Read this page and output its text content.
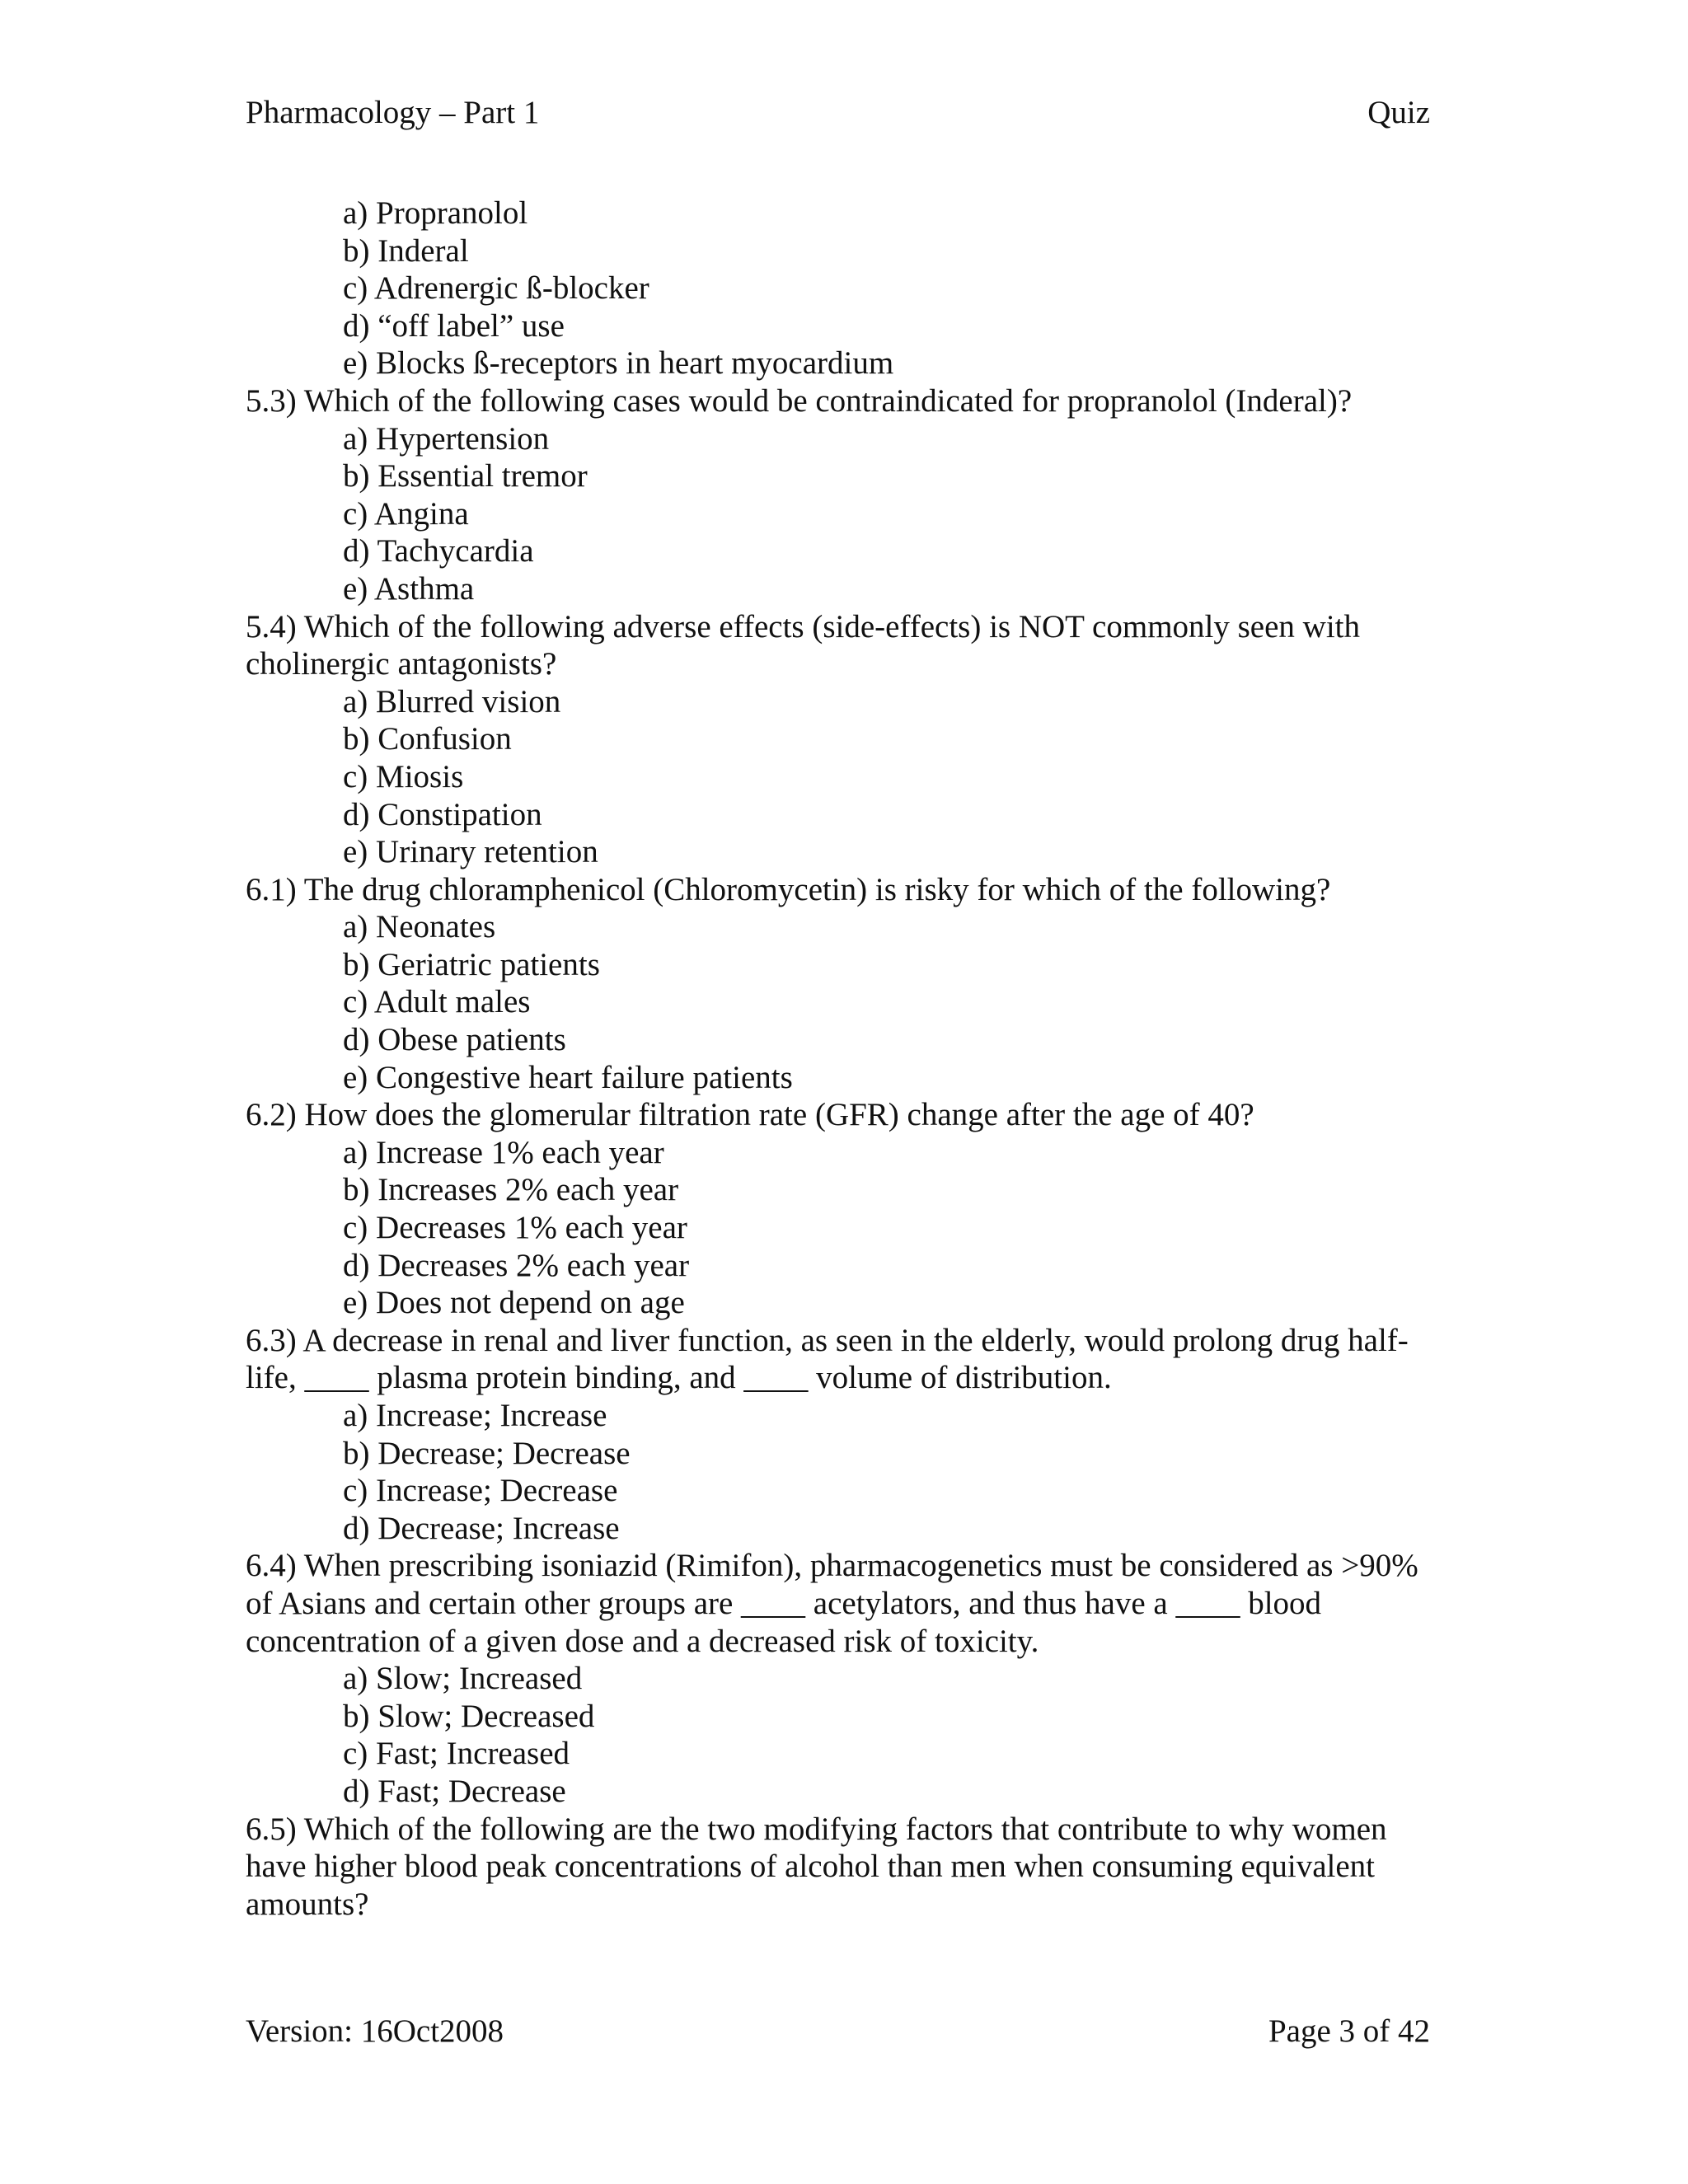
Pharmacology – Part 1	Quiz

a) Propranolol

b) Inderal

c) Adrenergic ß-blocker

d) “off label” use

e) Blocks ß-receptors in heart myocardium

5.3) Which of the following cases would be contraindicated for propranolol (Inderal)?

a) Hypertension

b) Essential tremor

c) Angina

d) Tachycardia

e) Asthma

5.4) Which of the following adverse effects (side-effects) is NOT commonly seen with cholinergic antagonists?

a) Blurred vision

b) Confusion

c) Miosis

d) Constipation

e) Urinary retention

6.1) The drug chloramphenicol (Chloromycetin) is risky for which of the following?

a) Neonates

b) Geriatric patients

c) Adult males

d) Obese patients

e) Congestive heart failure patients

6.2) How does the glomerular filtration rate (GFR) change after the age of 40?

a) Increase 1% each year

b) Increases 2% each year

c) Decreases 1% each year

d) Decreases 2% each year

e) Does not depend on age

6.3) A decrease in renal and liver function, as seen in the elderly, would prolong drug half-life, ____ plasma protein binding, and ____ volume of distribution.

a) Increase; Increase

b) Decrease; Decrease

c) Increase; Decrease

d) Decrease; Increase

6.4) When prescribing isoniazid (Rimifon), pharmacogenetics must be considered as >90% of Asians and certain other groups are ____ acetylators, and thus have a ____ blood concentration of a given dose and a decreased risk of toxicity.

a) Slow; Increased

b) Slow; Decreased

c) Fast; Increased

d) Fast; Decrease

6.5) Which of the following are the two modifying factors that contribute to why women have higher blood peak concentrations of alcohol than men when consuming equivalent amounts?

Version: 16Oct2008	Page 3 of 42
